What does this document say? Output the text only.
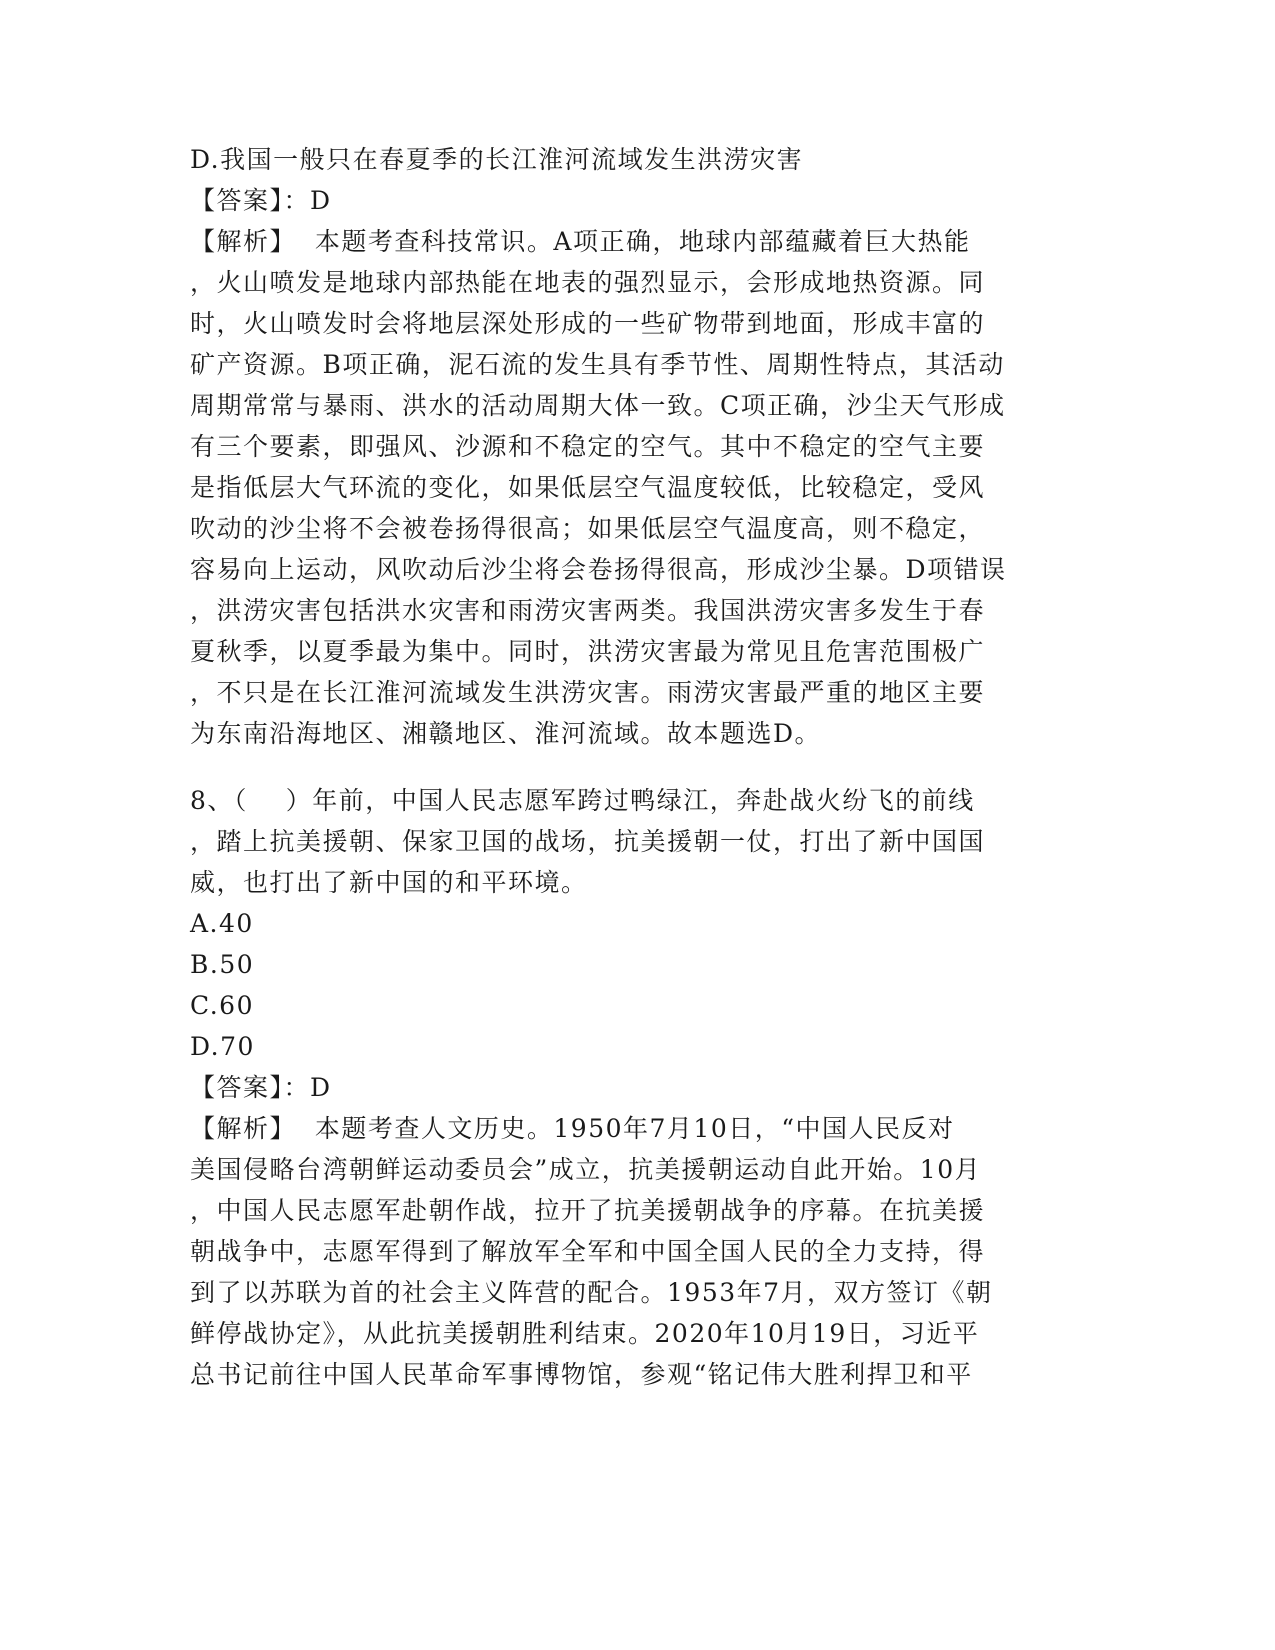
D.我国一般只在春夏季的长江淮河流域发生洪涝灾害
【答案】：D
【解析】  本题考查科技常识。A项正确，地球内部蕴藏着巨大热能
，火山喷发是地球内部热能在地表的强烈显示，会形成地热资源。同
时，火山喷发时会将地层深处形成的一些矿物带到地面，形成丰富的
矿产资源。B项正确，泥石流的发生具有季节性、周期性特点，其活动
周期常常与暴雨、洪水的活动周期大体一致。C项正确，沙尘天气形成
有三个要素，即强风、沙源和不稳定的空气。其中不稳定的空气主要
是指低层大气环流的变化，如果低层空气温度较低，比较稳定，受风
吹动的沙尘将不会被卷扬得很高；如果低层空气温度高，则不稳定，
容易向上运动，风吹动后沙尘将会卷扬得很高，形成沙尘暴。D项错误
，洪涝灾害包括洪水灾害和雨涝灾害两类。我国洪涝灾害多发生于春
夏秋季，以夏季最为集中。同时，洪涝灾害最为常见且危害范围极广
，不只是在长江淮河流域发生洪涝灾害。雨涝灾害最严重的地区主要
为东南沿海地区、湘赣地区、淮河流域。故本题选D。
8、（    ）年前，中国人民志愿军跨过鸭绿江，奔赴战火纷飞的前线
，踏上抗美援朝、保家卫国的战场，抗美援朝一仗，打出了新中国国
威，也打出了新中国的和平环境。
A.40
B.50
C.60
D.70
【答案】：D
【解析】  本题考查人文历史。1950年7月10日，“中国人民反对
美国侵略台湾朝鲜运动委员会”成立，抗美援朝运动自此开始。10月
，中国人民志愿军赴朝作战，拉开了抗美援朝战争的序幕。在抗美援
朝战争中，志愿军得到了解放军全军和中国全国人民的全力支持，得
到了以苏联为首的社会主义阵营的配合。1953年7月，双方签订《朝
鲜停战协定》，从此抗美援朝胜利结束。2020年10月19日，习近平
总书记前往中国人民革命军事博物馆，参观“铭记伟大胜利捍卫和平
